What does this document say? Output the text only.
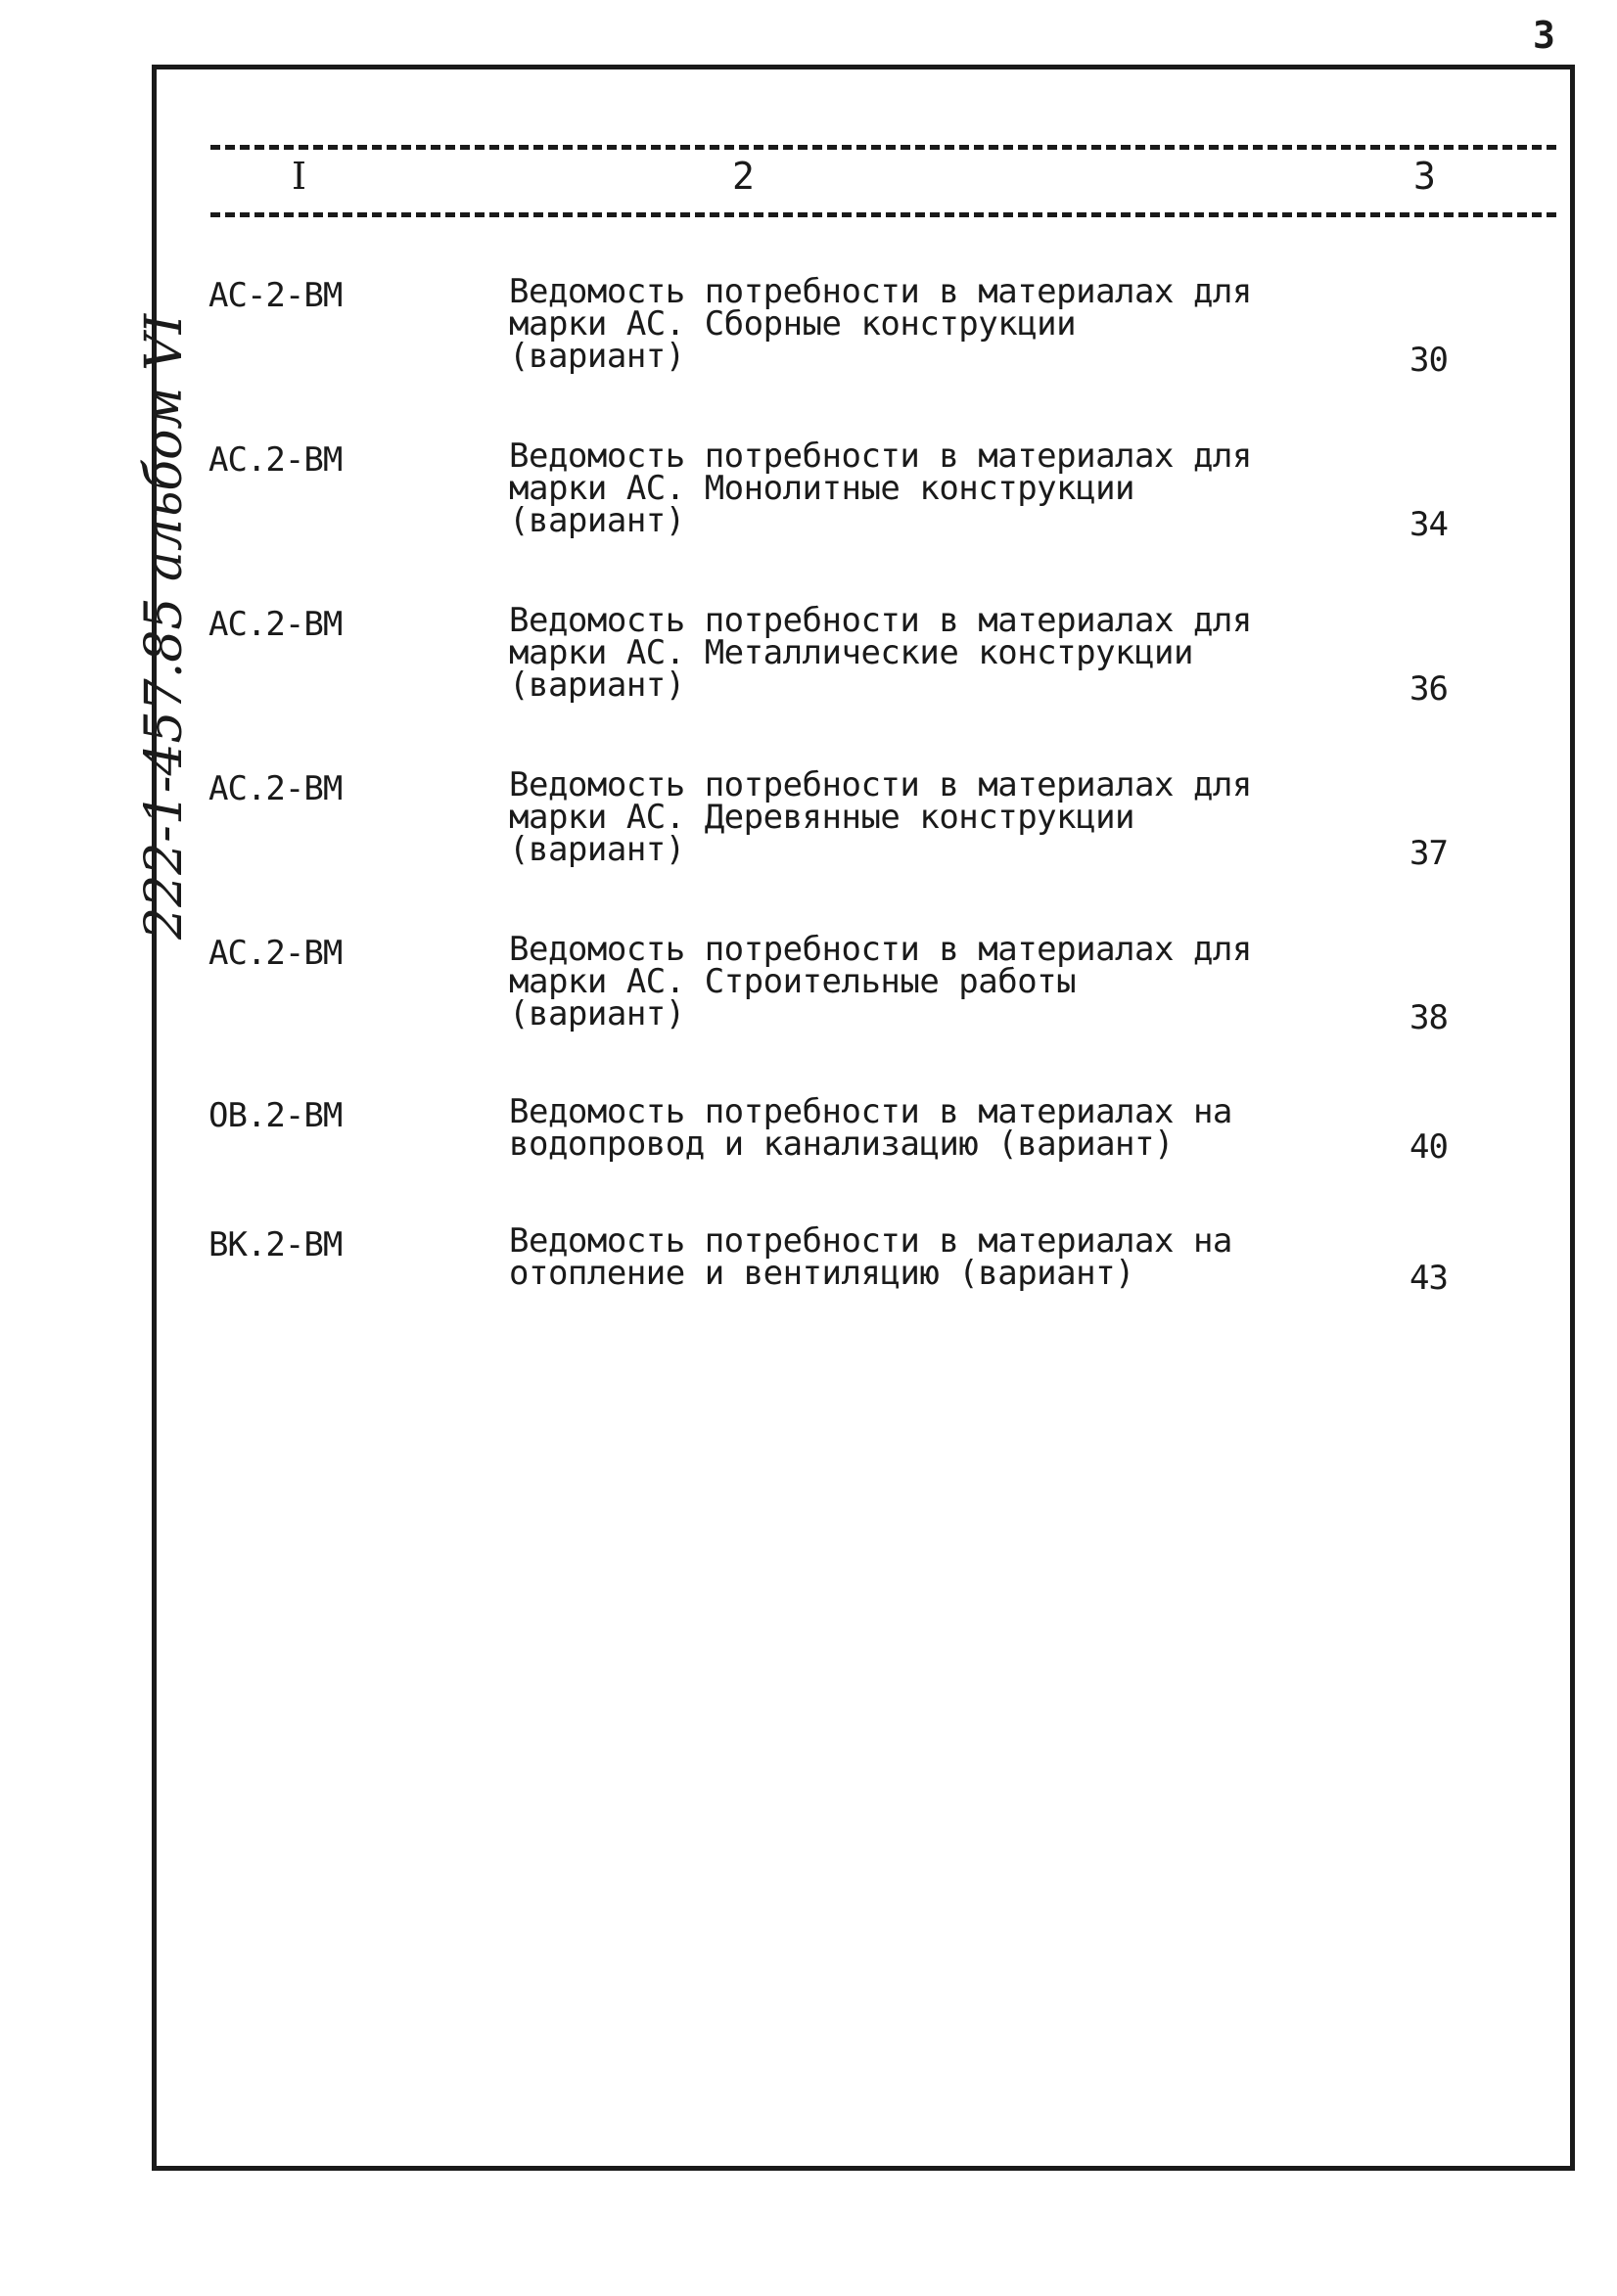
3
I	2	3
222-1-457.85 альбом VI
АС-2-ВМ	Ведомость потребности в материалах для
марки АС. Сборные конструкции
(вариант)	30
АС.2-ВМ	Ведомость потребности в материалах для
марки АС. Монолитные конструкции
(вариант)	34
АС.2-ВМ	Ведомость потребности в материалах для
марки АС. Металлические конструкции
(вариант)	36
АС.2-ВМ	Ведомость потребности в материалах для
марки АС. Деревянные конструкции
(вариант)	37
АС.2-ВМ	Ведомость потребности в материалах для
марки АС. Строительные работы
(вариант)	38
ОВ.2-ВМ	Ведомость потребности в материалах на
водопровод и канализацию (вариант)	40
ВК.2-ВМ	Ведомость потребности в материалах на
отопление и вентиляцию (вариант)	43
